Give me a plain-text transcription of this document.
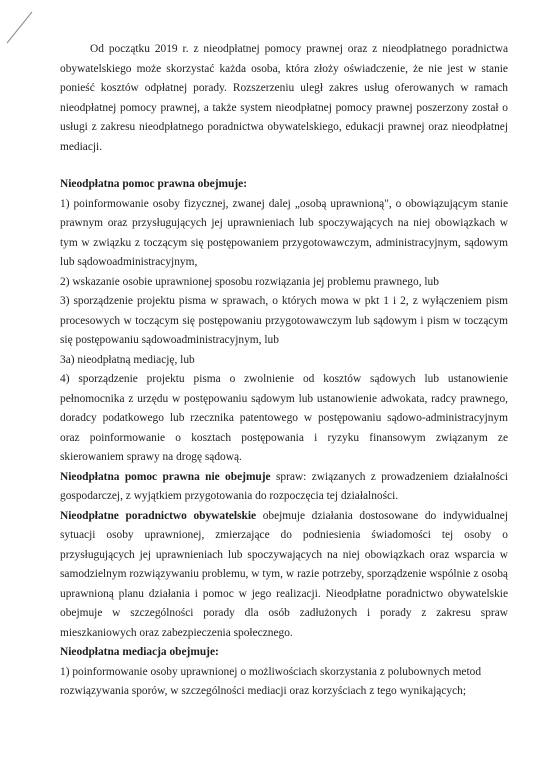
Od początku 2019 r. z nieodpłatnej pomocy prawnej oraz z nieodpłatnego poradnictwa obywatelskiego może skorzystać każda osoba, która złoży oświadczenie, że nie jest w stanie ponieść kosztów odpłatnej porady. Rozszerzeniu uległ zakres usług oferowanych w ramach nieodpłatnej pomocy prawnej, a także system nieodpłatnej pomocy prawnej poszerzony został o usługi z zakresu nieodpłatnego poradnictwa obywatelskiego, edukacji prawnej oraz nieodpłatnej mediacji.

Nieodpłatna pomoc prawna obejmuje:

1) poinformowanie osoby fizycznej, zwanej dalej „osobą uprawnioną", o obowiązującym stanie prawnym oraz przysługujących jej uprawnieniach lub spoczywających na niej obowiązkach w tym w związku z toczącym się postępowaniem przygotowawczym, administracyjnym, sądowym lub sądowoadministracyjnym,

2) wskazanie osobie uprawnionej sposobu rozwiązania jej problemu prawnego, lub

3) sporządzenie projektu pisma w sprawach, o których mowa w pkt 1 i 2, z wyłączeniem pism procesowych w toczącym się postępowaniu przygotowawczym lub sądowym i pism w toczącym się postępowaniu sądowoadministracyjnym, lub

3a) nieodpłatną mediację, lub

4) sporządzenie projektu pisma o zwolnienie od kosztów sądowych lub ustanowienie pełnomocnika z urzędu w postępowaniu sądowym lub ustanowienie adwokata, radcy prawnego, doradcy podatkowego lub rzecznika patentowego w postępowaniu sądowo-administracyjnym oraz poinformowanie o kosztach postępowania i ryzyku finansowym związanym ze skierowaniem sprawy na drogę sądową.

Nieodpłatna pomoc prawna nie obejmuje spraw: związanych z prowadzeniem działalności gospodarczej, z wyjątkiem przygotowania do rozpoczęcia tej działalności.

Nieodpłatne poradnictwo obywatelskie obejmuje działania dostosowane do indywidualnej sytuacji osoby uprawnionej, zmierzające do podniesienia świadomości tej osoby o przysługujących jej uprawnieniach lub spoczywających na niej obowiązkach oraz wsparcia w samodzielnym rozwiązywaniu problemu, w tym, w razie potrzeby, sporządzenie wspólnie z osobą uprawnioną planu działania i pomoc w jego realizacji. Nieodpłatne poradnictwo obywatelskie obejmuje w szczególności porady dla osób zadłużonych i porady z zakresu spraw mieszkaniowych oraz zabezpieczenia społecznego.

Nieodpłatna mediacja obejmuje:

1) poinformowanie osoby uprawnionej o możliwościach skorzystania z polubownych metod rozwiązywania sporów, w szczególności mediacji oraz korzyściach z tego wynikających;
